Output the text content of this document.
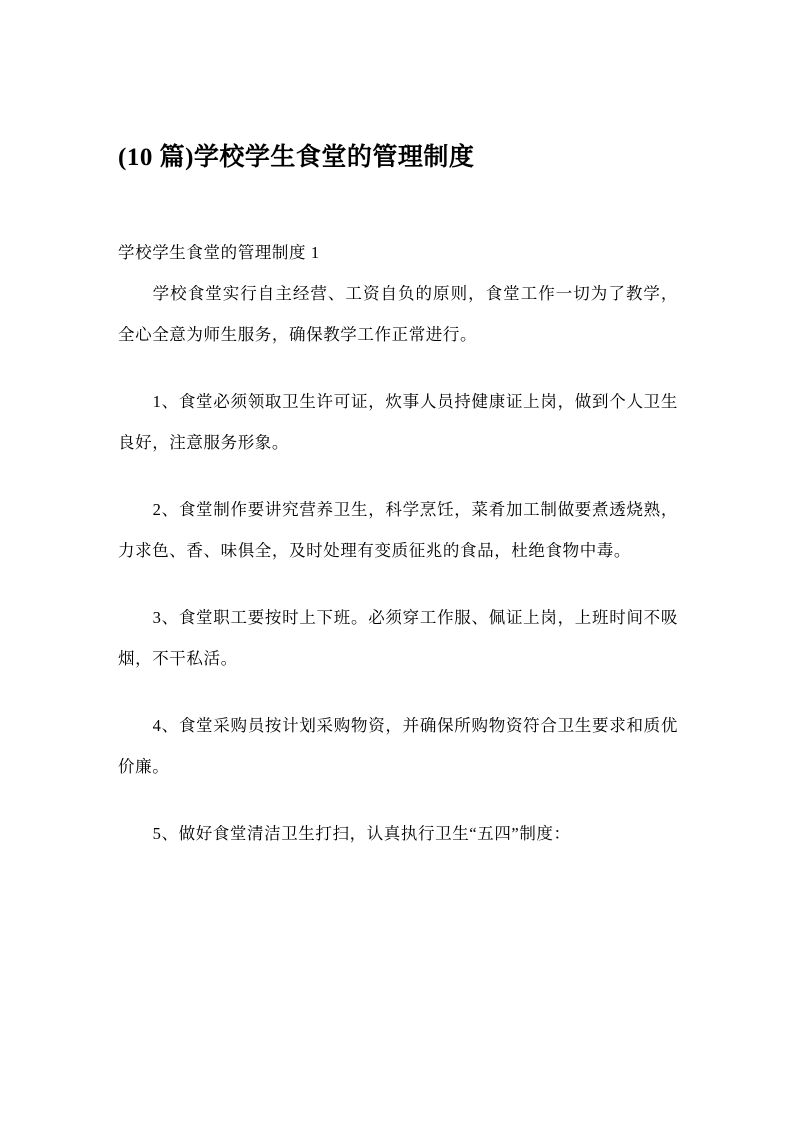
(10 篇)学校学生食堂的管理制度

学校学生食堂的管理制度 1

学校食堂实行自主经营、工资自负的原则，食堂工作一切为了教学，全心全意为师生服务，确保教学工作正常进行。

1、食堂必须领取卫生许可证，炊事人员持健康证上岗，做到个人卫生良好，注意服务形象。

2、食堂制作要讲究营养卫生，科学烹饪，菜肴加工制做要煮透烧熟，力求色、香、味俱全，及时处理有变质征兆的食品，杜绝食物中毒。

3、食堂职工要按时上下班。必须穿工作服、佩证上岗，上班时间不吸烟，不干私活。

4、食堂采购员按计划采购物资，并确保所购物资符合卫生要求和质优价廉。

5、做好食堂清洁卫生打扫，认真执行卫生“五四”制度：
